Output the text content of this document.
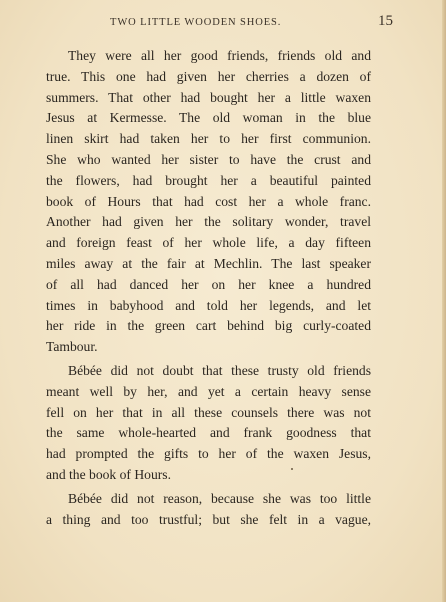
TWO LITTLE WOODEN SHOES.	15
They were all her good friends, friends old and
true. This one had given her cherries a dozen of
summers. That other had bought her a little waxen
Jesus at Kermesse. The old woman in the blue
linen skirt had taken her to her first communion.
She who wanted her sister to have the crust and
the flowers, had brought her a beautiful painted
book of Hours that had cost her a whole franc.
Another had given her the solitary wonder, travel
and foreign feast of her whole life, a day fifteen
miles away at the fair at Mechlin. The last speaker
of all had danced her on her knee a hundred
times in babyhood and told her legends, and let
her ride in the green cart behind big curly-coated
Tambour.
Bébée did not doubt that these trusty old friends
meant well by her, and yet a certain heavy sense
fell on her that in all these counsels there was not
the same whole-hearted and frank goodness that
had prompted the gifts to her of the waxen Jesus,
and the book of Hours.
Bébée did not reason, because she was too little
a thing and too trustful; but she felt in a vague,
